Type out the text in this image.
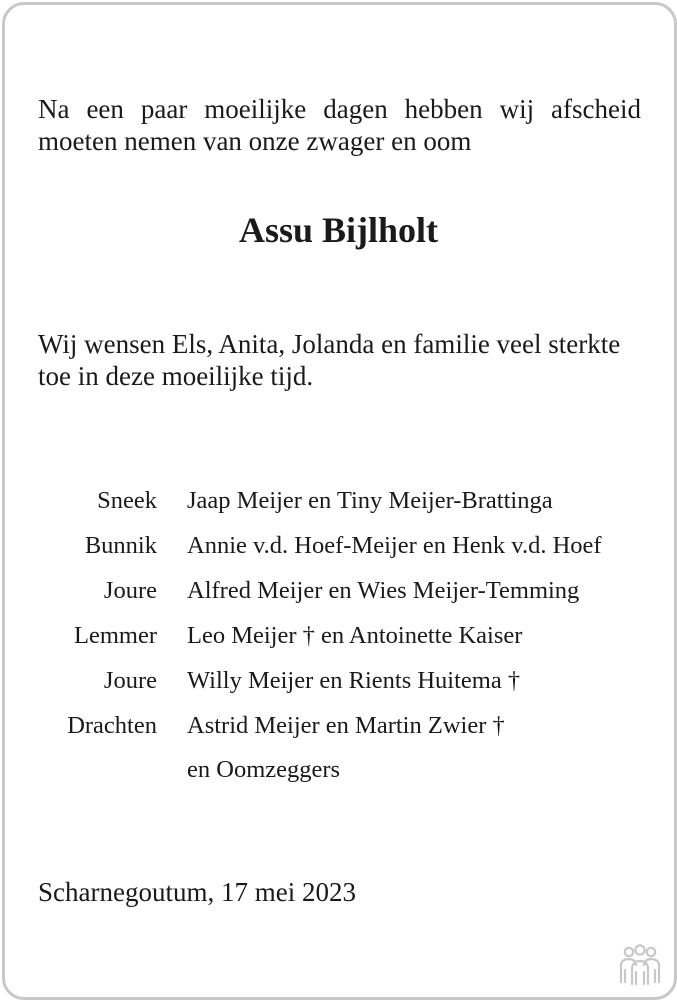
Na een paar moeilijke dagen hebben wij afscheid moeten nemen van onze zwager en oom
Assu Bijlholt
Wij wensen Els, Anita, Jolanda en familie veel sterkte toe in deze moeilijke tijd.
Sneek Jaap Meijer en Tiny Meijer-Brattinga
Bunnik Annie v.d. Hoef-Meijer en Henk v.d. Hoef
Joure Alfred Meijer en Wies Meijer-Temming
Lemmer Leo Meijer † en Antoinette Kaiser
Joure Willy Meijer en Rients Huitema †
Drachten Astrid Meijer en Martin Zwier †
en Oomzeggers
Scharnegoutum, 17 mei 2023
